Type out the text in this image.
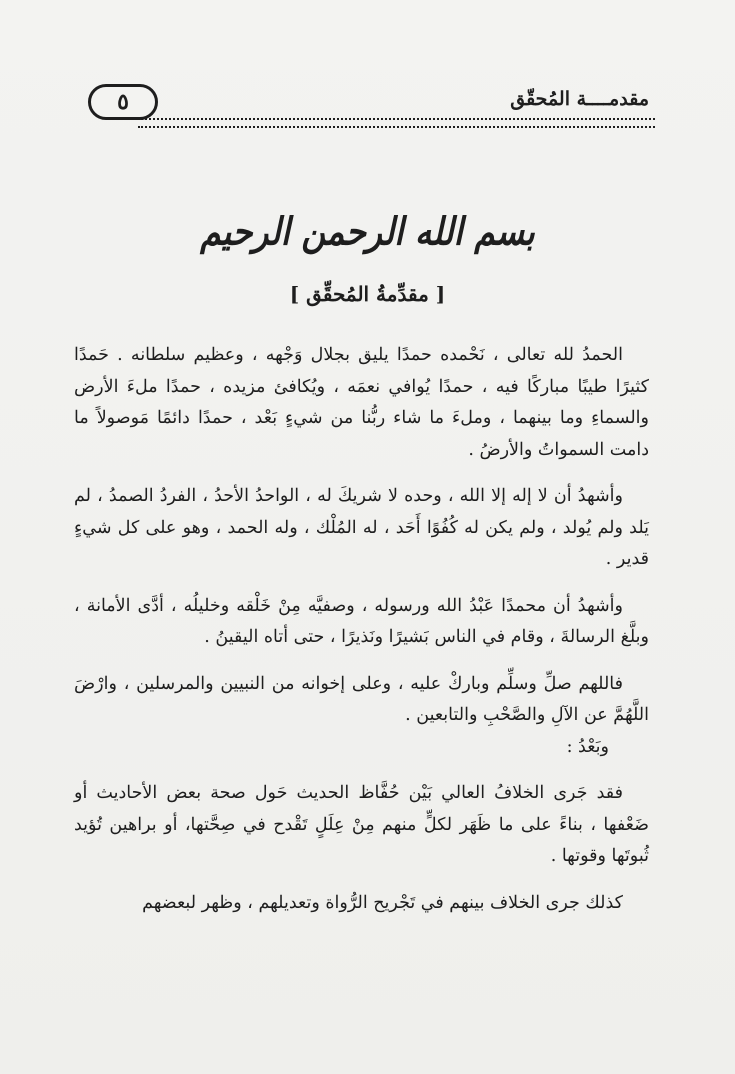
مقدمــــة المُحقّق
٥
بسم الله الرحمن الرحيم
[ مقدِّمةُ المُحقِّق ]

الحمدُ لله تعالى ، نَحْمده حمدًا يليق بجلال وَجْهه ، وعظيم سلطانه . حَمدًا كثيرًا طيبًا مباركًا فيه ، حمدًا يُوافي نعمَه ، ويُكافئ مزيده ، حمدًا ملءَ الأرض والسماءِ وما بينهما ، وملءَ ما شاء ربُّنا من شيءٍ بَعْد ، حمدًا دائمًا مَوصولاً ما دامت السمواتُ والأرضُ .

وأشهدُ أن لا إله إلا الله ، وحده لا شريكَ له ، الواحدُ الأحدُ ، الفردُ الصمدُ ، لم يَلد ولم يُولد ، ولم يكن له كُفُوًا أَحَد ، له المُلْك ، وله الحمد ، وهو على كل شيءٍ قدير .

وأشهدُ أن محمدًا عَبْدُ الله ورسوله ، وصفيَّه مِنْ خَلْقه وخليلُه ، أدَّى الأمانة ، وبلَّغ الرسالةَ ، وقام في الناس بَشيرًا ونَذيرًا ، حتى أتاه اليقينُ .

فاللهم صلِّ وسلِّم وباركْ عليه ، وعلى إخوانه من النبيين والمرسلين ، وارْضَ اللَّهُمَّ عن الآلِ والصَّحْبِ والتابعين .

وبَعْدُ :

فقد جَرى الخلافُ العالي بَيْن حُفَّاظ الحديث حَول صحة بعض الأحاديث أو ضَعْفها ، بناءً على ما ظَهَر لكلٍّ منهم مِنْ عِلَلٍ تَقْدح في صِحَّتها، أو براهين تُؤيد ثُبوتَها وقوتها .

كذلك جرى الخلاف بينهم في تَجْريح الرُّواة وتعديلهم ، وظهر لبعضهم
